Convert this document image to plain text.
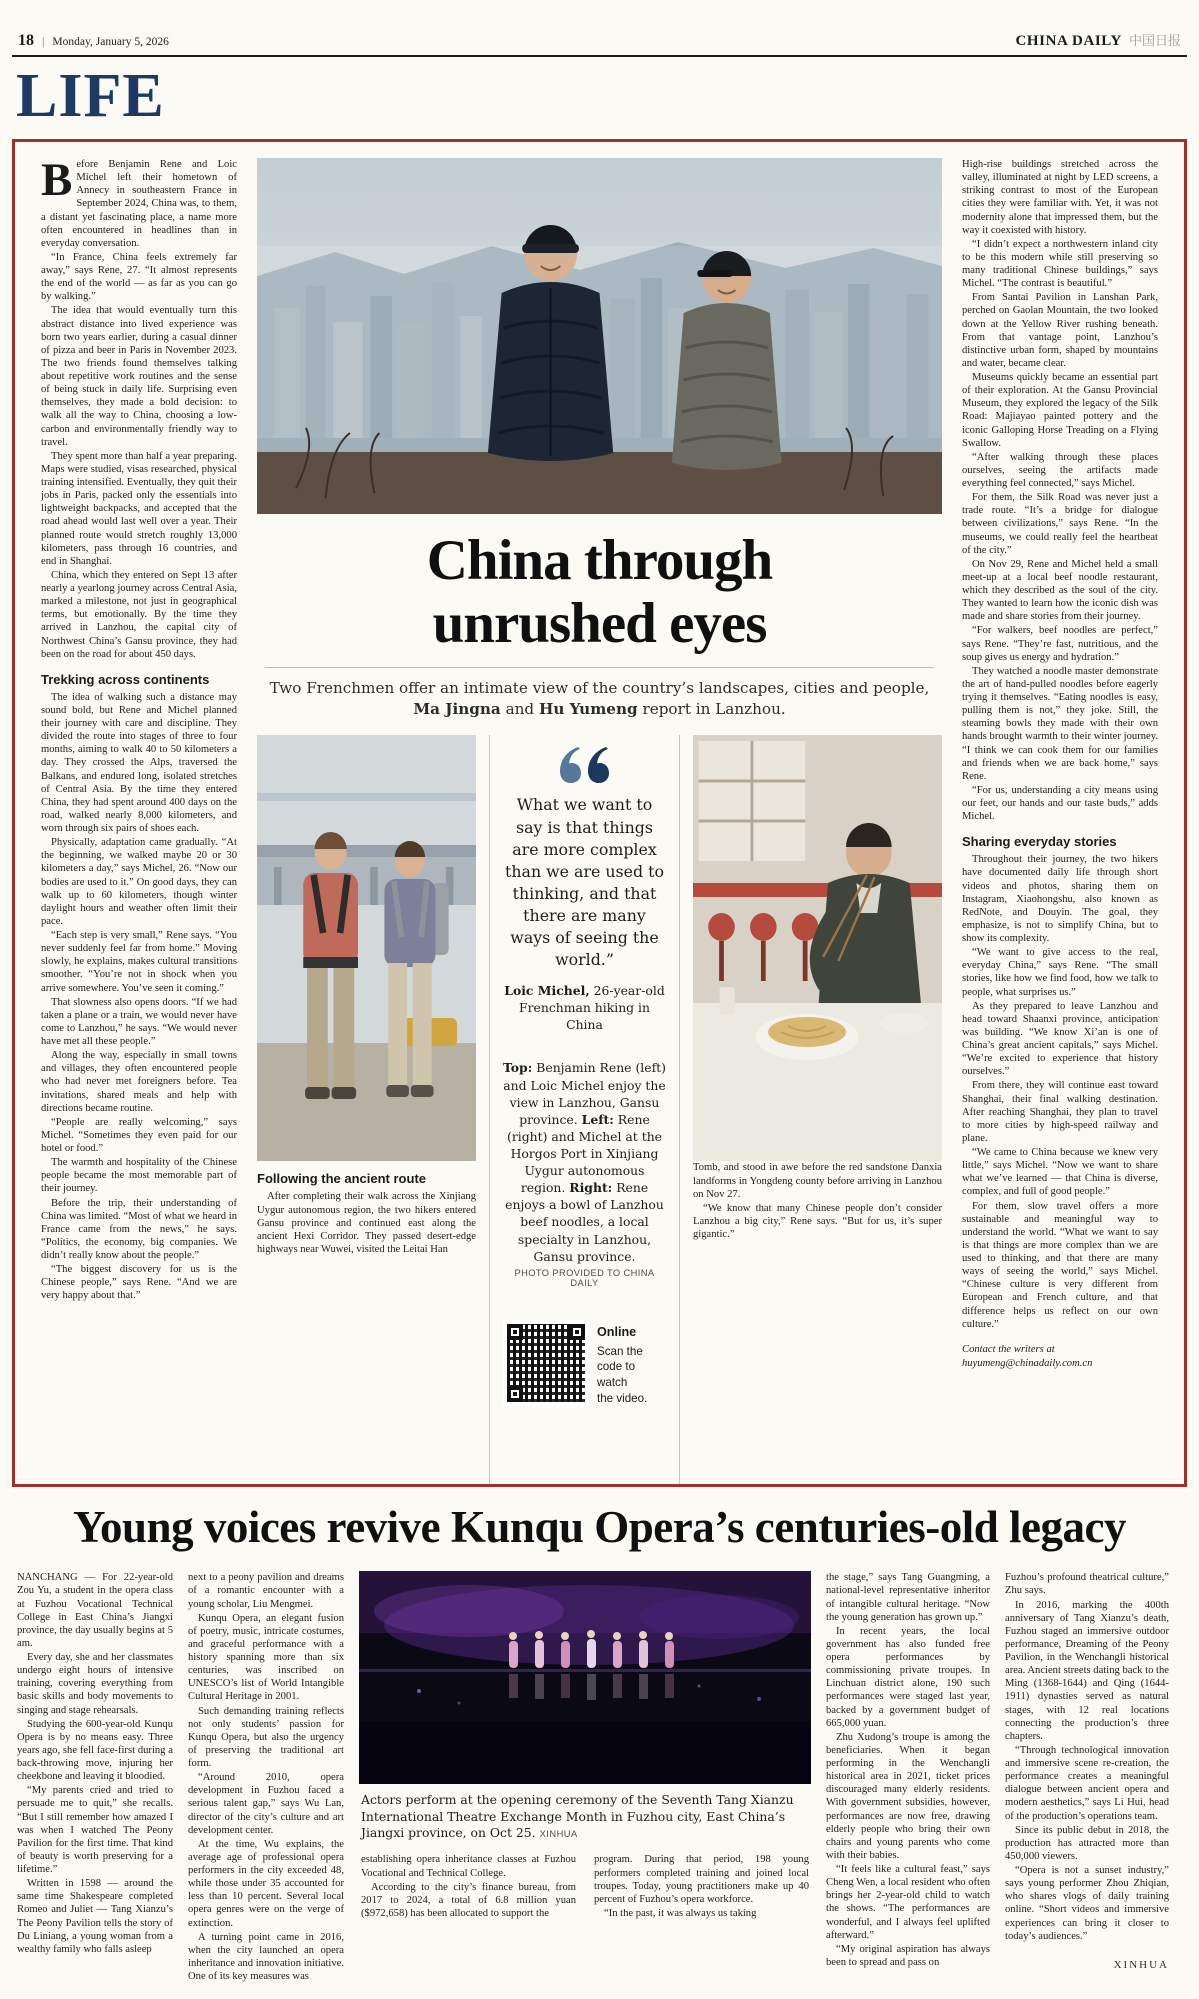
18 | Monday, January 5, 2026	CHINA DAILY 中国日报
LIFE

Before Benjamin Rene and Loic Michel left their hometown of Annecy in southeastern France in September 2024, China was, to them, a distant yet fascinating place, a name more often encountered in headlines than in everyday conversation.

“In France, China feels extremely far away,” says Rene, 27. “It almost represents the end of the world — as far as you can go by walking.”

The idea that would eventually turn this abstract distance into lived experience was born two years earlier, during a casual dinner of pizza and beer in Paris in November 2023. The two friends found themselves talking about repetitive work routines and the sense of being stuck in daily life. Surprising even themselves, they made a bold decision: to walk all the way to China, choosing a low-carbon and environmentally friendly way to travel.

They spent more than half a year preparing. Maps were studied, visas researched, physical training intensified. Eventually, they quit their jobs in Paris, packed only the essentials into lightweight backpacks, and accepted that the road ahead would last well over a year. Their planned route would stretch roughly 13,000 kilometers, pass through 16 countries, and end in Shanghai.

China, which they entered on Sept 13 after nearly a yearlong journey across Central Asia, marked a milestone, not just in geographical terms, but emotionally. By the time they arrived in Lanzhou, the capital city of Northwest China’s Gansu province, they had been on the road for about 450 days.

Trekking across continents

The idea of walking such a distance may sound bold, but Rene and Michel planned their journey with care and discipline. They divided the route into stages of three to four months, aiming to walk 40 to 50 kilometers a day. They crossed the Alps, traversed the Balkans, and endured long, isolated stretches of Central Asia. By the time they entered China, they had spent around 400 days on the road, walked nearly 8,000 kilometers, and worn through six pairs of shoes each.

Physically, adaptation came gradually. “At the beginning, we walked maybe 20 or 30 kilometers a day,” says Michel, 26. “Now our bodies are used to it.” On good days, they can walk up to 60 kilometers, though winter daylight hours and weather often limit their pace.

“Each step is very small,” Rene says. “You never suddenly feel far from home.” Moving slowly, he explains, makes cultural transitions smoother. “You’re not in shock when you arrive somewhere. You’ve seen it coming.”

That slowness also opens doors. “If we had taken a plane or a train, we would never have come to Lanzhou,” he says. “We would never have met all these people.”

Along the way, especially in small towns and villages, they often encountered people who had never met foreigners before. Tea invitations, shared meals and help with directions became routine.

“People are really welcoming,” says Michel. “Sometimes they even paid for our hotel or food.”

The warmth and hospitality of the Chinese people became the most memorable part of their journey.

Before the trip, their understanding of China was limited. “Most of what we heard in France came from the news,” he says. “Politics, the economy, big companies. We didn’t really know about the people.”

“The biggest discovery for us is the Chinese people,” says Rene. “And we are very happy about that.”

China through
unrushed eyes
Two Frenchmen offer an intimate view of the country’s landscapes, cities and people, Ma Jingna and Hu Yumeng report in Lanzhou.
Following the ancient route

After completing their walk across the Xinjiang Uygur autonomous region, the two hikers entered Gansu province and continued east along the ancient Hexi Corridor. They passed desert-edge highways near Wuwei, visited the Leitai Han

What we want to say is that things are more complex than we are used to thinking, and that there are many ways of seeing the world.”
Loic Michel, 26-year-old Frenchman hiking in China
Top: Benjamin Rene (left) and Loic Michel enjoy the view in Lanzhou, Gansu province. Left: Rene (right) and Michel at the Horgos Port in Xinjiang Uygur autonomous region. Right: Rene enjoys a bowl of Lanzhou beef noodles, a local specialty in Lanzhou, Gansu province.
PHOTO PROVIDED TO CHINA DAILY
Online
Scan the
code to watch
the video.

Tomb, and stood in awe before the red sandstone Danxia landforms in Yongdeng county before arriving in Lanzhou on Nov 27.

“We know that many Chinese people don’t consider Lanzhou a big city,” Rene says. “But for us, it’s super gigantic.”

High-rise buildings stretched across the valley, illuminated at night by LED screens, a striking contrast to most of the European cities they were familiar with. Yet, it was not modernity alone that impressed them, but the way it coexisted with history.

“I didn’t expect a northwestern inland city to be this modern while still preserving so many traditional Chinese buildings,” says Michel. “The contrast is beautiful.”

From Santai Pavilion in Lanshan Park, perched on Gaolan Mountain, the two looked down at the Yellow River rushing beneath. From that vantage point, Lanzhou’s distinctive urban form, shaped by mountains and water, became clear.

Museums quickly became an essential part of their exploration. At the Gansu Provincial Museum, they explored the legacy of the Silk Road: Majiayao painted pottery and the iconic Galloping Horse Treading on a Flying Swallow.

“After walking through these places ourselves, seeing the artifacts made everything feel connected,” says Michel.

For them, the Silk Road was never just a trade route. “It’s a bridge for dialogue between civilizations,” says Rene. “In the museums, we could really feel the heartbeat of the city.”

On Nov 29, Rene and Michel held a small meet-up at a local beef noodle restaurant, which they described as the soul of the city. They wanted to learn how the iconic dish was made and share stories from their journey.

“For walkers, beef noodles are perfect,” says Rene. “They’re fast, nutritious, and the soup gives us energy and hydration.”

They watched a noodle master demonstrate the art of hand-pulled noodles before eagerly trying it themselves. “Eating noodles is easy, pulling them is not,” they joke. Still, the steaming bowls they made with their own hands brought warmth to their winter journey. “I think we can cook them for our families and friends when we are back home,” says Rene.

“For us, understanding a city means using our feet, our hands and our taste buds,” adds Michel.

Sharing everyday stories

Throughout their journey, the two hikers have documented daily life through short videos and photos, sharing them on Instagram, Xiaohongshu, also known as RedNote, and Douyin. The goal, they emphasize, is not to simplify China, but to show its complexity.

“We want to give access to the real, everyday China,” says Rene. “The small stories, like how we find food, how we talk to people, what surprises us.”

As they prepared to leave Lanzhou and head toward Shaanxi province, anticipation was building. “We know Xi’an is one of China’s great ancient capitals,” says Michel. “We’re excited to experience that history ourselves.”

From there, they will continue east toward Shanghai, their final walking destination. After reaching Shanghai, they plan to travel to more cities by high-speed railway and plane.

“We came to China because we knew very little,” says Michel. “Now we want to share what we’ve learned — that China is diverse, complex, and full of good people.”

For them, slow travel offers a more sustainable and meaningful way to understand the world. “What we want to say is that things are more complex than we are used to thinking, and that there are many ways of seeing the world,” says Michel. “Chinese culture is very different from European and French culture, and that difference helps us reflect on our own culture.”

Contact the writers at
huyumeng@chinadaily.com.cn
Young voices revive Kunqu Opera’s centuries-old legacy

NANCHANG — For 22-year-old Zou Yu, a student in the opera class at Fuzhou Vocational Technical College in East China’s Jiangxi province, the day usually begins at 5 am.

Every day, she and her classmates undergo eight hours of intensive training, covering everything from basic skills and body movements to singing and stage rehearsals.

Studying the 600-year-old Kunqu Opera is by no means easy. Three years ago, she fell face-first during a back-throwing move, injuring her cheekbone and leaving it bloodied.

“My parents cried and tried to persuade me to quit,” she recalls. “But I still remember how amazed I was when I watched The Peony Pavilion for the first time. That kind of beauty is worth preserving for a lifetime.”

Written in 1598 — around the same time Shakespeare completed Romeo and Juliet — Tang Xianzu’s The Peony Pavilion tells the story of Du Liniang, a young woman from a wealthy family who falls asleep

next to a peony pavilion and dreams of a romantic encounter with a young scholar, Liu Mengmei.

Kunqu Opera, an elegant fusion of poetry, music, intricate costumes, and graceful performance with a history spanning more than six centuries, was inscribed on UNESCO’s list of World Intangible Cultural Heritage in 2001.

Such demanding training reflects not only students’ passion for Kunqu Opera, but also the urgency of preserving the traditional art form.

“Around 2010, opera development in Fuzhou faced a serious talent gap,” says Wu Lan, director of the city’s culture and art development center.

At the time, Wu explains, the average age of professional opera performers in the city exceeded 48, while those under 35 accounted for less than 10 percent. Several local opera genres were on the verge of extinction.

A turning point came in 2016, when the city launched an opera inheritance and innovation initiative. One of its key measures was

Actors perform at the opening ceremony of the Seventh Tang Xianzu International Theatre Exchange Month in Fuzhou city, East China’s Jiangxi province, on Oct 25. XINHUA

establishing opera inheritance classes at Fuzhou Vocational and Technical College.

According to the city’s finance bureau, from 2017 to 2024, a total of 6.8 million yuan ($972,658) has been allocated to support the

program. During that period, 198 young performers completed training and joined local troupes. Today, young practitioners make up 40 percent of Fuzhou’s opera workforce.

“In the past, it was always us taking

the stage,” says Tang Guangming, a national-level representative inheritor of intangible cultural heritage. “Now the young generation has grown up.”

In recent years, the local government has also funded free opera performances by commissioning private troupes. In Linchuan district alone, 190 such performances were staged last year, backed by a government budget of 665,000 yuan.

Zhu Xudong’s troupe is among the beneficiaries. When it began performing in the Wenchangli historical area in 2021, ticket prices discouraged many elderly residents. With government subsidies, however, performances are now free, drawing elderly people who bring their own chairs and young parents who come with their babies.

“It feels like a cultural feast,” says Cheng Wen, a local resident who often brings her 2-year-old child to watch the shows. “The performances are wonderful, and I always feel uplifted afterward.”

“My original aspiration has always been to spread and pass on

Fuzhou’s profound theatrical culture,” Zhu says.

In 2016, marking the 400th anniversary of Tang Xianzu’s death, Fuzhou staged an immersive outdoor performance, Dreaming of the Peony Pavilion, in the Wenchangli historical area. Ancient streets dating back to the Ming (1368-1644) and Qing (1644-1911) dynasties served as natural stages, with 12 real locations connecting the production’s three chapters.

“Through technological innovation and immersive scene re-creation, the performance creates a meaningful dialogue between ancient opera and modern aesthetics,” says Li Hui, head of the production’s operations team.

Since its public debut in 2018, the production has attracted more than 450,000 viewers.

“Opera is not a sunset industry,” says young performer Zhou Zhiqian, who shares vlogs of daily training online. “Short videos and immersive experiences can bring it closer to today’s audiences.”

XINHUA
